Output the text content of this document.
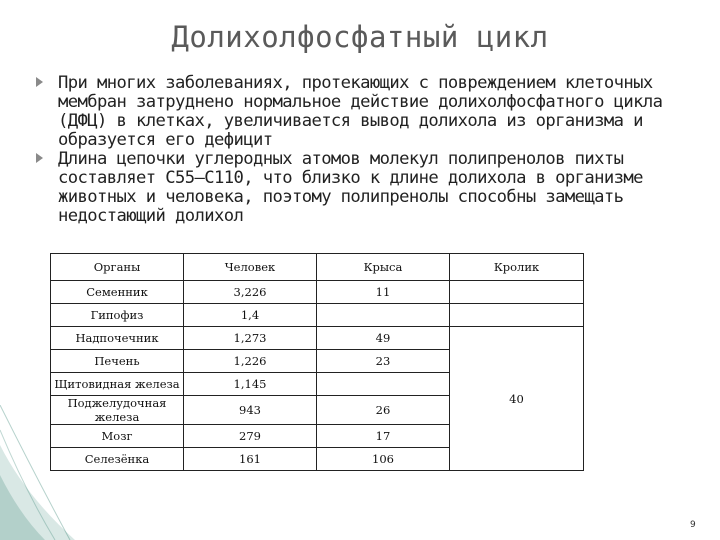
Долихолфосфатный цикл
При многих заболеваниях, протекающих с повреждением клеточных мембран затруднено нормальное действие долихолфосфатного цикла (ДФЦ) в клетках, увеличивается вывод долихола из организма и образуется его дефицит
Длина цепочки углеродных атомов молекул полипренолов пихты составляет С55–С110, что близко к длине долихола в организме животных и человека, поэтому полипренолы способны замещать недостающий долихол
Органы	Человек	Крыса	Кролик
Семенник	3,226	11	
Гипофиз	1,4		
Надпочечник	1,273	49	40
Печень	1,226	23	
Щитовидная железа	1,145		
Поджелудочная железа	943	26	
Мозг	279	17	
Селезёнка	161	106	
9
